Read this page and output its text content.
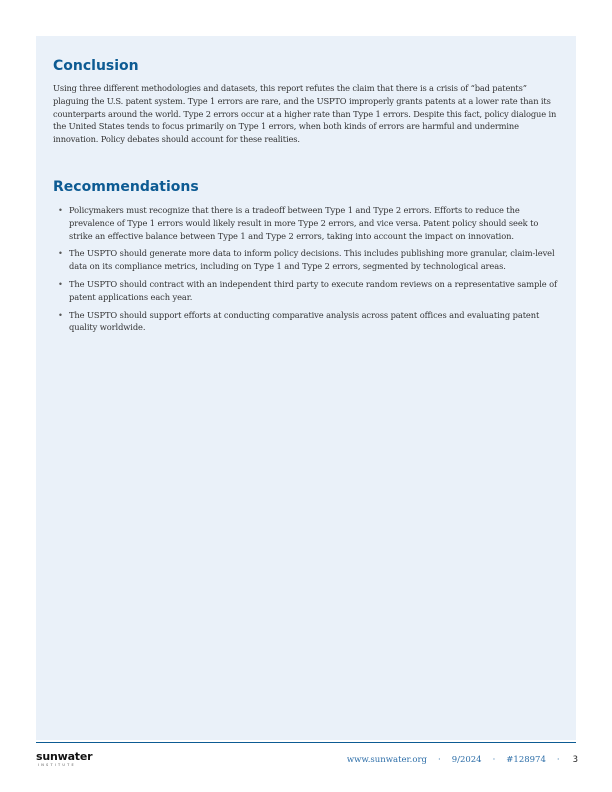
Conclusion

Using three different methodologies and datasets, this report refutes the claim that there is a crisis of “bad patents” plaguing the U.S. patent system. Type 1 errors are rare, and the USPTO improperly grants patents at a lower rate than its counterparts around the world. Type 2 errors occur at a higher rate than Type 1 errors. Despite this fact, policy dialogue in the United States tends to focus primarily on Type 1 errors, when both kinds of errors are harmful and undermine innovation. Policy debates should account for these realities.

Recommendations
• Policymakers must recognize that there is a tradeoff between Type 1 and Type 2 errors. Efforts to reduce the prevalence of Type 1 errors would likely result in more Type 2 errors, and vice versa. Patent policy should seek to strike an effective balance between Type 1 and Type 2 errors, taking into account the impact on innovation.
• The USPTO should generate more data to inform policy decisions. This includes publishing more granular, claim-level data on its compliance metrics, including on Type 1 and Type 2 errors, segmented by technological areas.
• The USPTO should contract with an independent third party to execute random reviews on a representative sample of patent applications each year.
• The USPTO should support efforts at conducting comparative analysis across patent offices and evaluating patent quality worldwide.
sunwater
INSTITUTE	www.sunwater.org · 9/2024 · #128974 · 3
